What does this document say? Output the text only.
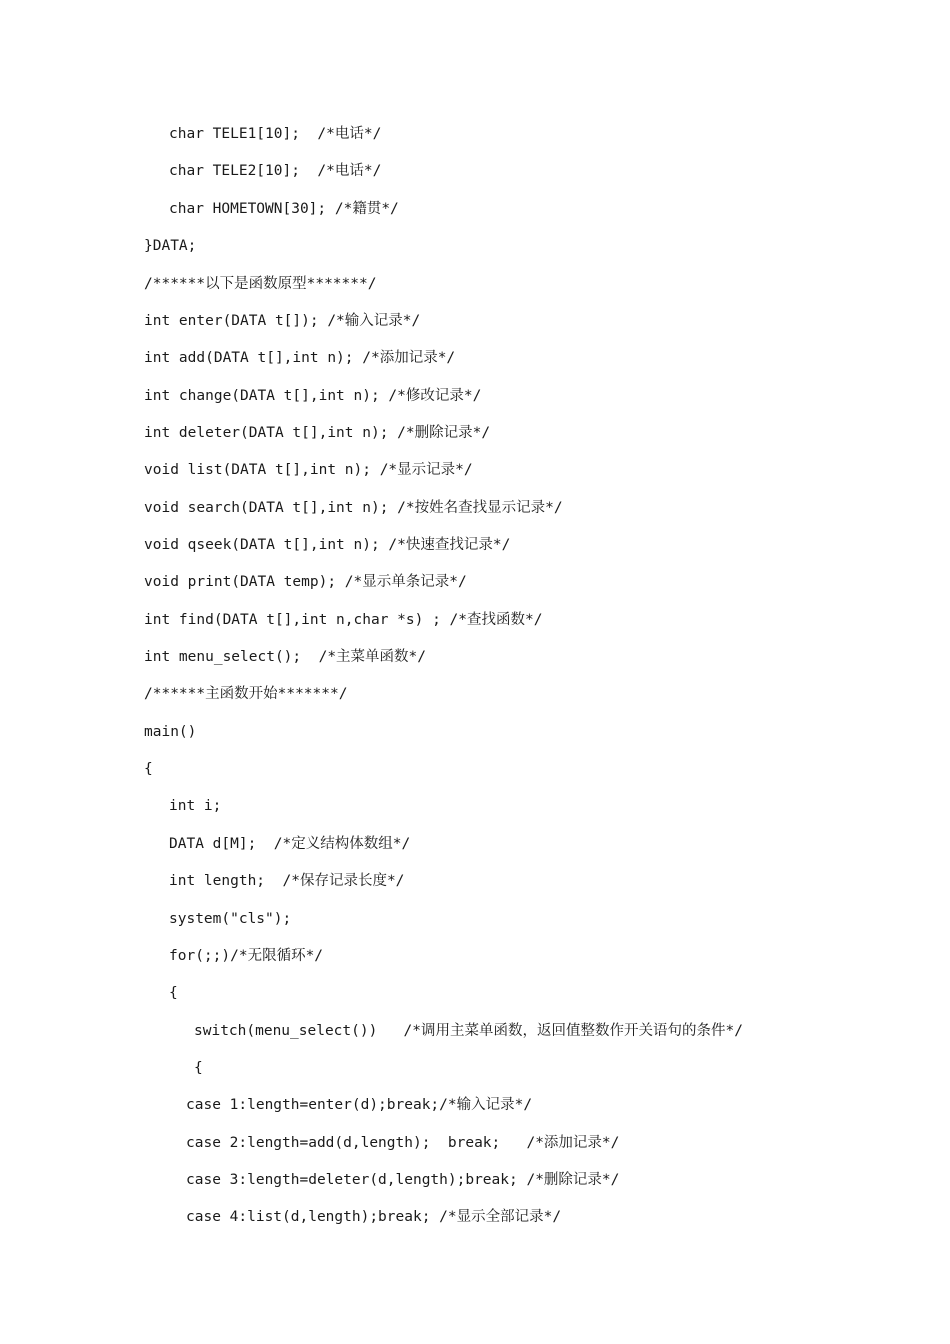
char TELE1[10];  /*电话*/
char TELE2[10];  /*电话*/
char HOMETOWN[30]; /*籍贯*/
}DATA;
/******以下是函数原型*******/
int enter(DATA t[]); /*输入记录*/
int add(DATA t[],int n); /*添加记录*/
int change(DATA t[],int n); /*修改记录*/
int deleter(DATA t[],int n); /*删除记录*/
void list(DATA t[],int n); /*显示记录*/
void search(DATA t[],int n); /*按姓名查找显示记录*/
void qseek(DATA t[],int n); /*快速查找记录*/
void print(DATA temp); /*显示单条记录*/
int find(DATA t[],int n,char *s) ; /*查找函数*/
int menu_select();  /*主菜单函数*/
/******主函数开始*******/
main()
{
int i;
DATA d[M];  /*定义结构体数组*/
int length;  /*保存记录长度*/
system("cls");
for(;;)/*无限循环*/
{
switch(menu_select())   /*调用主菜单函数，返回值整数作开关语句的条件*/
{
case 1:length=enter(d);break;/*输入记录*/
case 2:length=add(d,length);  break;   /*添加记录*/
case 3:length=deleter(d,length);break; /*删除记录*/
case 4:list(d,length);break; /*显示全部记录*/
